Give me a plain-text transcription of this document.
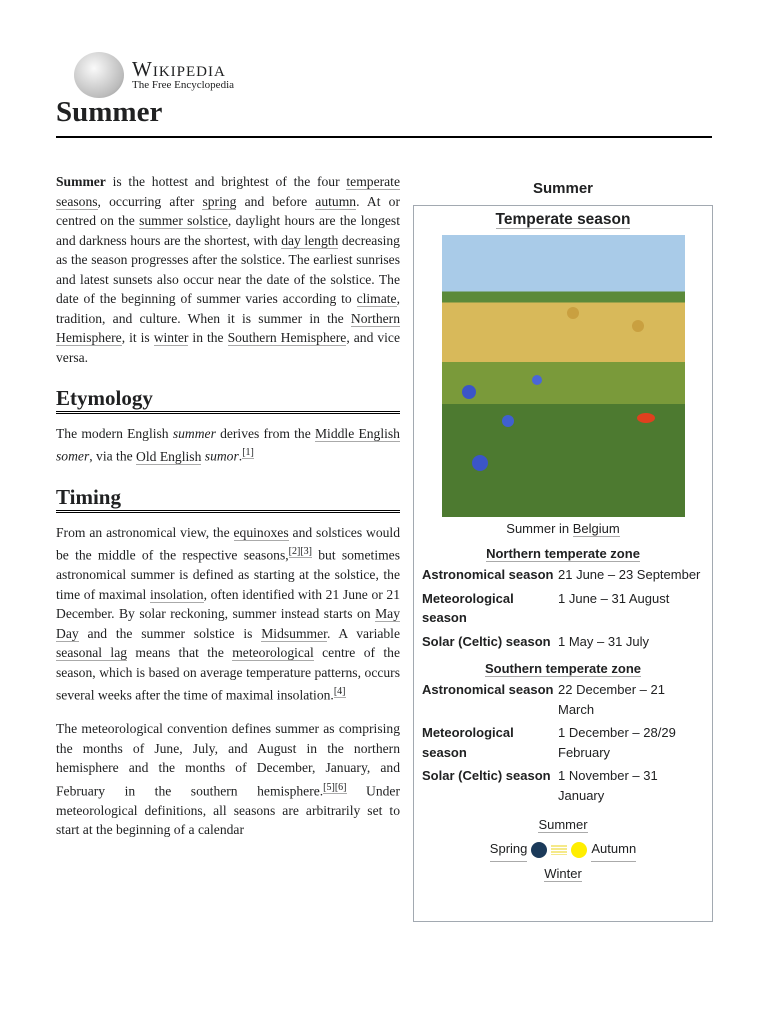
Wikipedia
The Free Encyclopedia
Summer

Summer is the hottest and brightest of the four temperate seasons, occurring after spring and before autumn. At or centred on the summer solstice, daylight hours are the longest and darkness hours are the shortest, with day length decreasing as the season progresses after the solstice. The earliest sunrises and latest sunsets also occur near the date of the solstice. The date of the beginning of summer varies according to climate, tradition, and culture. When it is summer in the Northern Hemisphere, it is winter in the Southern Hemisphere, and vice versa.

Etymology

The modern English summer derives from the Middle English somer, via the Old English sumor.[1]

Timing

From an astronomical view, the equinoxes and solstices would be the middle of the respective seasons,[2][3] but sometimes astronomical summer is defined as starting at the solstice, the time of maximal insolation, often identified with 21 June or 21 December. By solar reckoning, summer instead starts on May Day and the summer solstice is Midsummer. A variable seasonal lag means that the meteorological centre of the season, which is based on average temperature patterns, occurs several weeks after the time of maximal insolation.[4]

The meteorological convention defines summer as comprising the months of June, July, and August in the northern hemisphere and the months of December, January, and February in the southern hemisphere.[5][6] Under meteorological definitions, all seasons are arbitrarily set to start at the beginning of a calendar

Summer
Temperate season
Summer in Belgium
Northern temperate zone
Astronomical season 21 June – 23 September
Meteorological season
1 June – 31 August
Solar (Celtic) season 1 May – 31 July
Southern temperate zone
Astronomical season 22 December – 21 March
Meteorological season
1 December – 28/29 February
Solar (Celtic) season 1 November – 31 January
Summer
Spring	Autumn
Winter
